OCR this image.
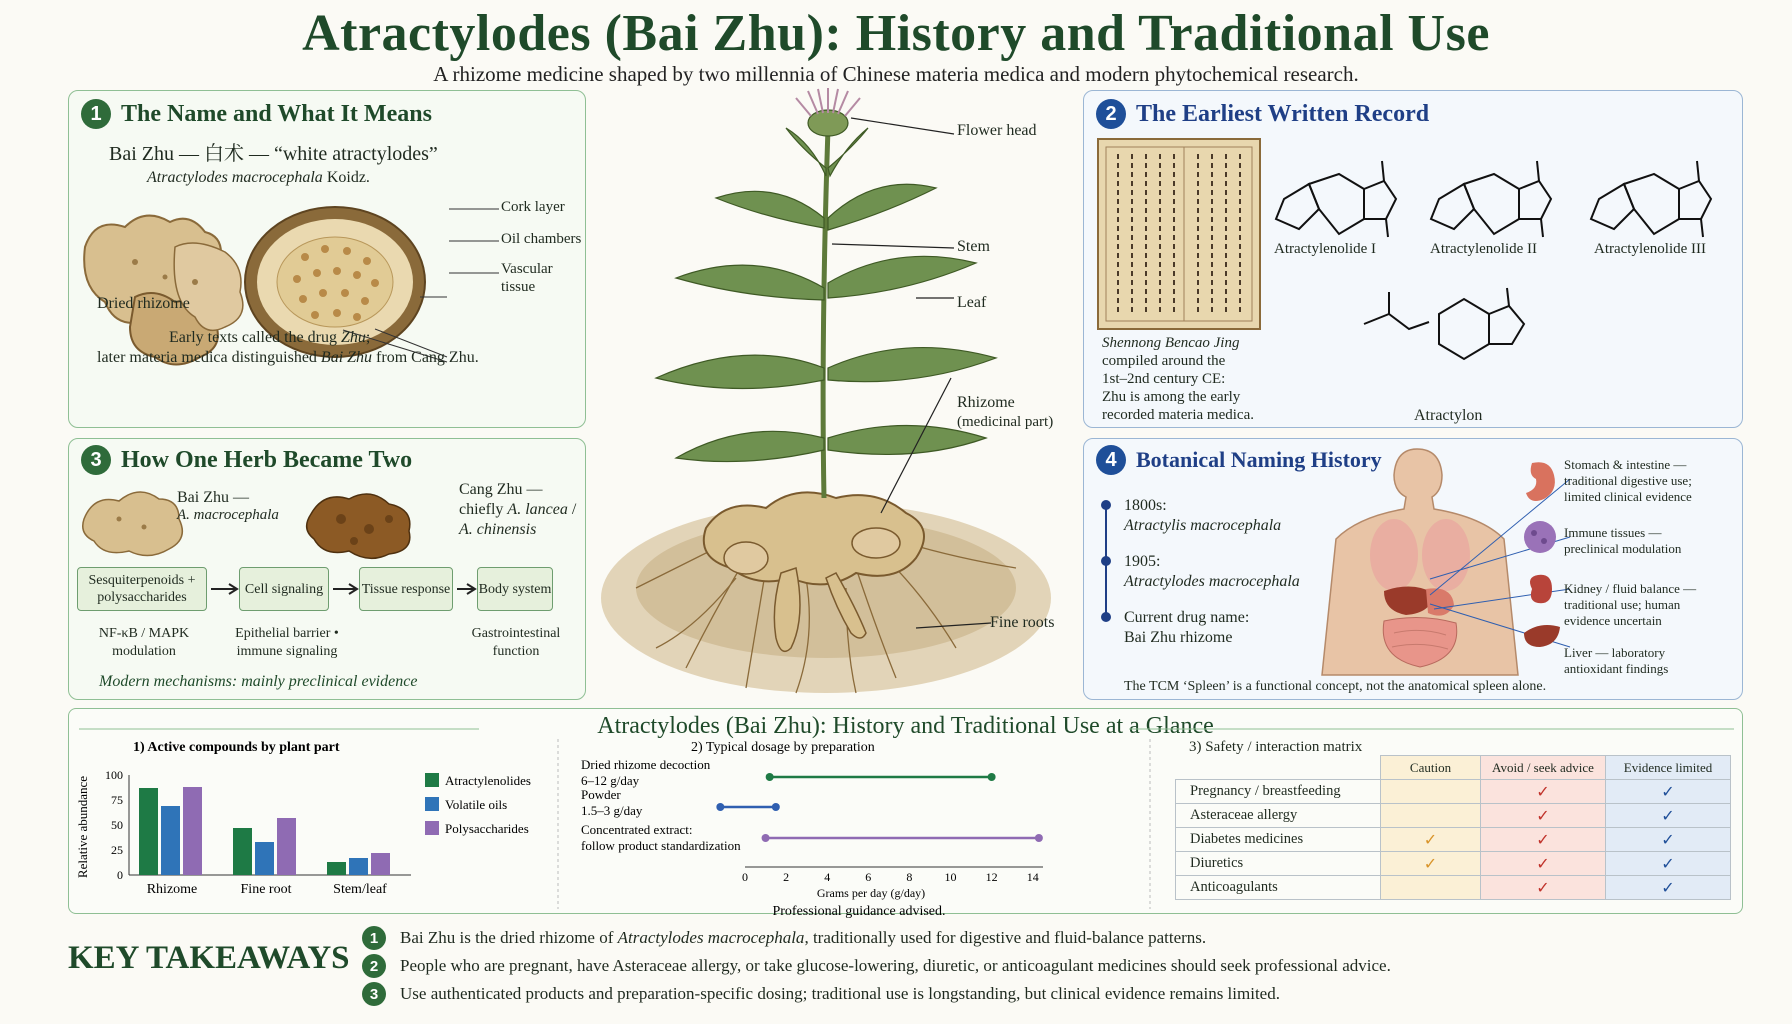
Atractylodes (Bai Zhu): History and Traditional Use
A rhizome medicine shaped by two millennia of Chinese materia medica and modern phytochemical research.
1 The Name and What It Means
Bai Zhu — 白术 — “white atractylodes”
Atractylodes macrocephala Koidz.
Cork layer
Oil chambers
Vascular
tissue
Dried rhizome
Early texts called the drug Zhu;
later materia medica distinguished Bai Zhu from Cang Zhu.
3 How One Herb Became Two
Bai Zhu —
A. macrocephala
Cang Zhu —
chiefly A. lancea /
A. chinensis
Sesquiterpenoids + polysaccharides
Cell signaling	Tissue response Body system
NF-κB / MAPK modulation
Epithelial barrier • immune signaling
Gastrointestinal function
Modern mechanisms: mainly preclinical evidence
Flower head
Stem
Leaf
Rhizome
(medicinal part)
Fine roots
2 The Earliest Written Record
Shennong Bencao Jing
compiled around the
1st–2nd century CE:
Zhu is among the early
recorded materia medica.
Atractylenolide I	Atractylenolide II	Atractylenolide III
Atractylon
4 Botanical Naming History
1800s:
Atractylis macrocephala
1905:
Atractylodes macrocephala
Current drug name:
Bai Zhu rhizome
Stomach & intestine —
traditional digestive use;
limited clinical evidence
Immune tissues —
preclinical modulation
Kidney / fluid balance —
traditional use; human
evidence uncertain
Liver — laboratory
antioxidant findings
The TCM ‘Spleen’ is a functional concept, not the anatomical spleen alone.
Atractylodes (Bai Zhu): History and Traditional Use at a Glance
1) Active compounds by plant part
Relative abundance 0
25
50
75
100
Rhizome	Fine root	Stem/leaf
Atractylenolides
Volatile oils
Polysaccharides
2) Typical dosage by preparation
0	2	4	6	8	10 12 14
Grams per day (g/day)
Professional guidance advised.
Dried rhizome decoction
6–12 g/day
Powder
1.5–3 g/day
Concentrated extract:
follow product standardization
3) Safety / interaction matrix
	Caution	Avoid / seek advice	Evidence limited
Pregnancy / breastfeeding		✓	✓
Asteraceae allergy		✓	✓
Diabetes medicines	✓	✓	✓
Diuretics	✓	✓	✓
Anticoagulants		✓	✓
KEY TAKEAWAYS
1	Bai Zhu is the dried rhizome of Atractylodes macrocephala, traditionally used for digestive and fluid-balance patterns.
2	People who are pregnant, have Asteraceae allergy, or take glucose-lowering, diuretic, or anticoagulant medicines should seek professional advice.
3	Use authenticated products and preparation-specific dosing; traditional use is longstanding, but clinical evidence remains limited.
